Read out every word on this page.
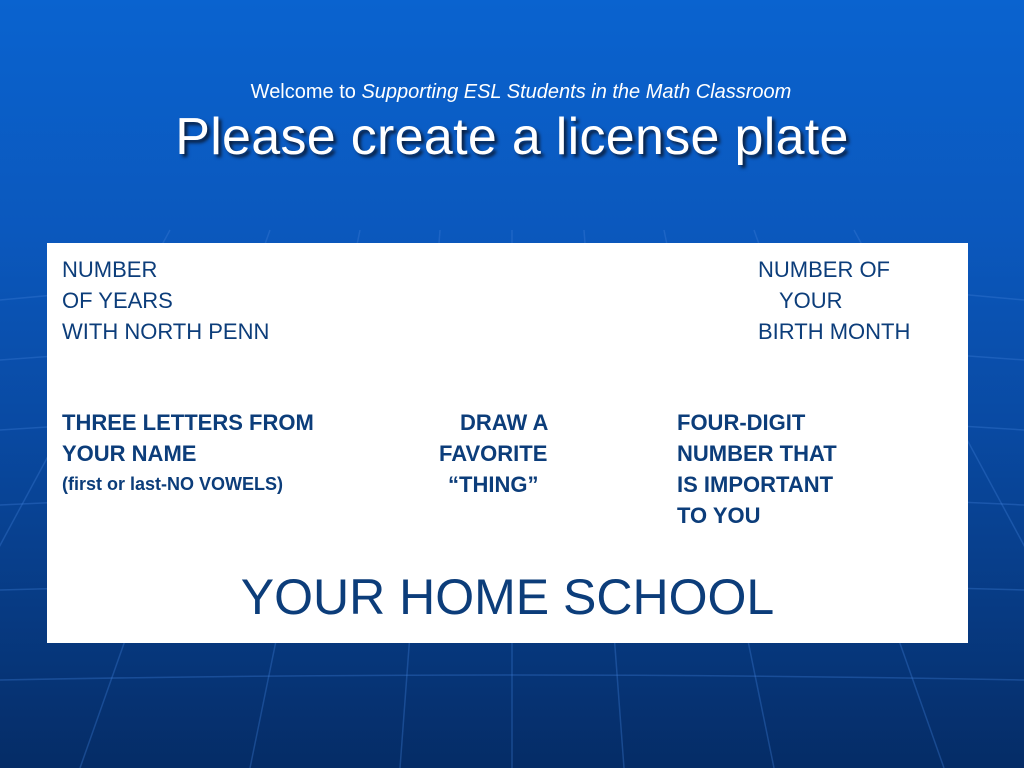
Welcome to Supporting ESL Students in the Math Classroom
Please create a license plate
NUMBER
OF YEARS
WITH NORTH PENN
NUMBER OF
YOUR
BIRTH MONTH
THREE LETTERS FROM
YOUR NAME
(first or last-NO VOWELS)
DRAW A
FAVORITE
“THING”
FOUR-DIGIT
NUMBER THAT
IS IMPORTANT
TO YOU
YOUR HOME SCHOOL
